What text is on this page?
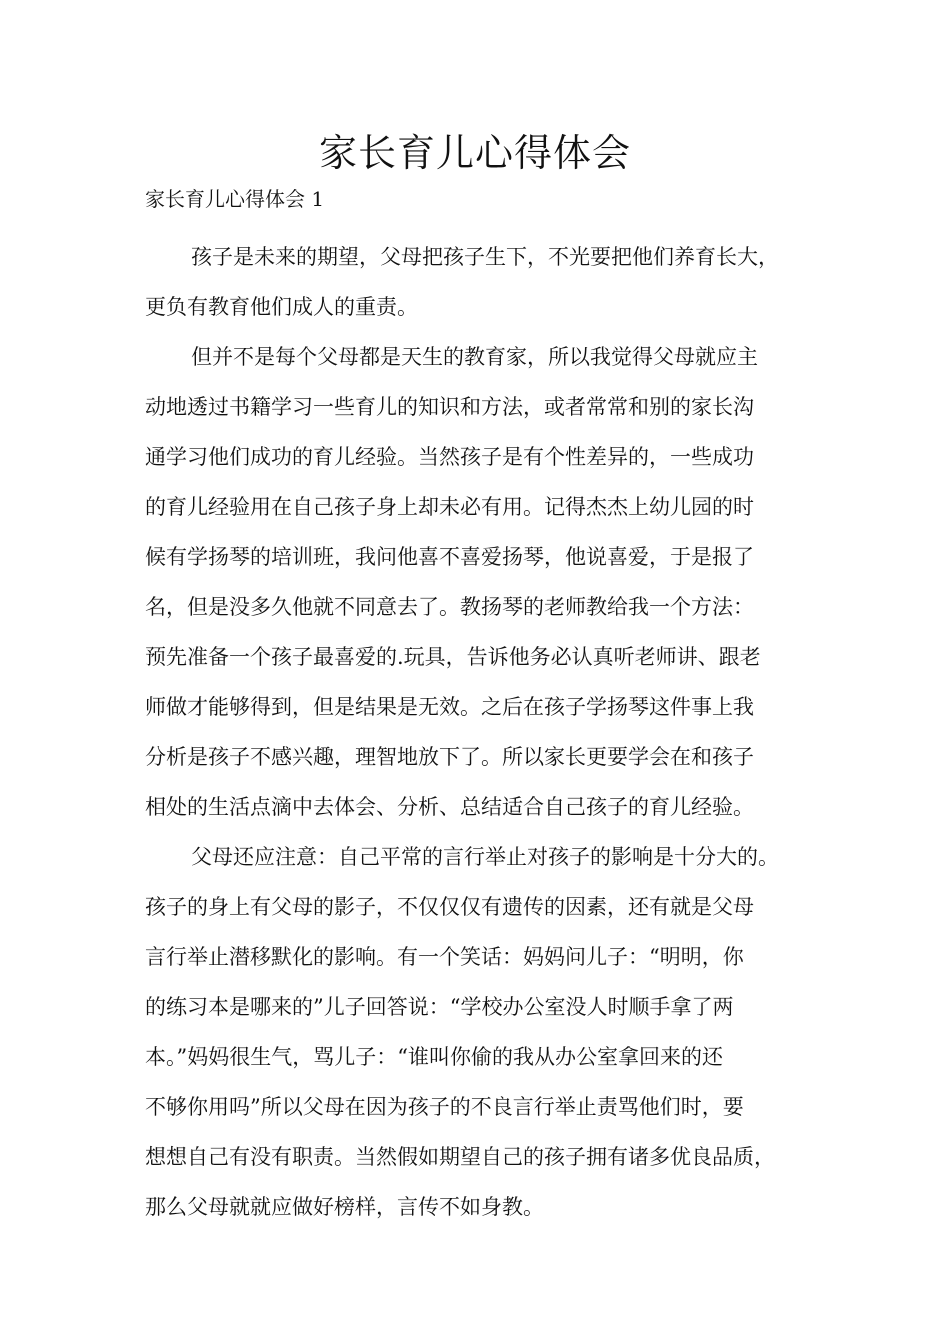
家长育儿心得体会

家长育儿心得体会 1

孩子是未来的期望，父母把孩子生下，不光要把他们养育长大，
更负有教育他们成人的重责。

但并不是每个父母都是天生的教育家，所以我觉得父母就应主
动地透过书籍学习一些育儿的知识和方法，或者常常和别的家长沟
通学习他们成功的育儿经验。当然孩子是有个性差异的，一些成功
的育儿经验用在自己孩子身上却未必有用。记得杰杰上幼儿园的时
候有学扬琴的培训班，我问他喜不喜爱扬琴，他说喜爱，于是报了
名，但是没多久他就不同意去了。教扬琴的老师教给我一个方法：
预先准备一个孩子最喜爱的.玩具，告诉他务必认真听老师讲、跟老
师做才能够得到，但是结果是无效。之后在孩子学扬琴这件事上我
分析是孩子不感兴趣，理智地放下了。所以家长更要学会在和孩子
相处的生活点滴中去体会、分析、总结适合自己孩子的育儿经验。

父母还应注意：自己平常的言行举止对孩子的影响是十分大的。
孩子的身上有父母的影子，不仅仅仅有遗传的因素，还有就是父母
言行举止潜移默化的影响。有一个笑话：妈妈问儿子：“明明，你
的练习本是哪来的”儿子回答说：“学校办公室没人时顺手拿了两
本。”妈妈很生气，骂儿子：“谁叫你偷的我从办公室拿回来的还
不够你用吗”所以父母在因为孩子的不良言行举止责骂他们时，要
想想自己有没有职责。当然假如期望自己的孩子拥有诸多优良品质，
那么父母就就应做好榜样，言传不如身教。
